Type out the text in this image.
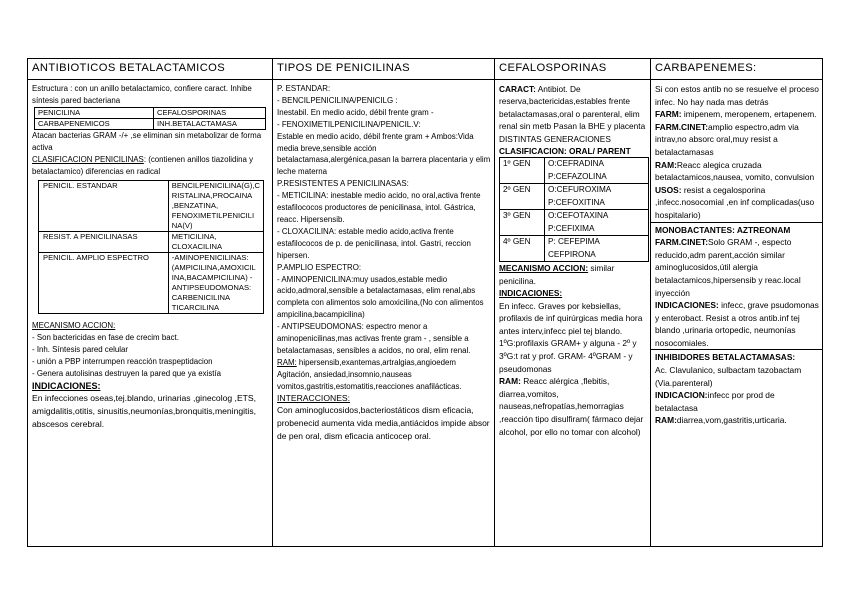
ANTIBIOTICOS BETALACTAMICOS

Estructura : con un anillo betalactamico, confiere caract. Inhibe síntesis pared bacteriana

PENICILINA	CEFALOSPORINAS
CARBAPENEMICOS	INH.BETALACTAMASA

Atacan bacterias GRAM -/+ ,se eliminan sin metabolizar de forma activa

CLASIFICACION PENICILINAS: (contienen anillos tiazolidina y betalactamico) diferencias en radical

PENICIL. ESTANDAR	BENCILPENICILINA(G),C RISTALINA,PROCAINA ,BENZATINA, FENOXIMETILPENICILI NA(V)
RESIST. A PENICILINASAS	METICILINA, CLOXACILINA
PENICIL. AMPLIO ESPECTRO	-AMINOPENICILINAS: (AMPICILINA,AMOXICIL INA,BACAMPICILINA) -ANTIPSEUDOMONAS: CARBENICILINA TICARCILINA

MECANISMO ACCION:

- Son bactericidas en fase de crecim bact.

- Inh. Síntesis pared celular

- unión a PBP interrumpen reacción traspeptidacion

- Genera autolisinas destruyen la pared que ya existía

INDICACIONES:

En infecciones oseas,tej.blando, urinarias ,ginecolog ,ETS, amigdalitis,otitis, sinusitis,neumonías,bronquitis,meningitis, abscesos cerebral.

TIPOS DE PENICILINAS

P. ESTANDAR:

- BENCILPENICILINA/PENICILG :

Inestabil. En medio acido, débil frente gram -

- FENOXIMETILPENICILINA/PENICIL.V:

Estable en medio acido, débil frente gram + Ambos:Vida media breve,sensible acción betalactamasa,alergénica,pasan la barrera placentaria y elim leche materna

P.RESISTENTES A PENICILINASAS:

- METICILINA: inestable medio acido, no oral,activa frente estafilococos productores de penicilinasa, intol. Gástrica, reacc. Hipersensib.

- CLOXACILINA: estable medio acido,activa frente estafilococos de p. de penicilinasa, intol. Gastri, reccion hipersen.

P.AMPLIO ESPECTRO:

- AMINOPENICILINA:muy usados,estable medio acido,admoral,sensible a betalactamasas, elim renal,abs completa con alimentos solo amoxicilina,(No con alimentos ampicilina,bacampicilina)

- ANTIPSEUDOMONAS: espectro menor a aminopenicilinas,mas activas frente gram - , sensible a betalactamasas, sensibles a acidos, no oral, elim renal.

RAM: hipersensib,exantemas,artralgias,angioedem Agitación, ansiedad,insomnio,nauseas vomitos,gastritis,estomatitis,reacciones anafilácticas.

INTERACCIONES:

Con aminoglucosidos,bacteriostáticos dism eficacia, probenecid aumenta vida media,antiácidos impide absor de pen oral, dism eficacia anticocep oral.

CEFALOSPORINAS

CARACT: Antibiot. De reserva,bactericidas,estables frente betalactamasas,oral o parenteral, elim renal sin metb Pasan la BHE y placenta

DISTINTAS GENERACIONES

CLASIFICACION: ORAL/ PARENT

1º GEN	O:CEFRADINA P:CEFAZOLINA
2º GEN	O:CEFUROXIMA P:CEFOXITINA
3º GEN	O:CEFOTAXINA P:CEFIXIMA
4º GEN	P: CEFEPIMA CEFPIRONA

MECANISMO ACCION: similar penicilina.

INDICACIONES:

En infecc. Graves por kebsiellas, profilaxis de inf quirúrgicas media hora antes interv,infecc piel tej blando. 1ºG:profilaxis GRAM+ y alguna - 2º y 3ºG:t rat y prof. GRAM- 4ºGRAM - y pseudomonas

RAM: Reacc alérgica ,flebitis, diarrea,vomitos, nauseas,nefropatías,hemorragias ,reacción tipo disulfiram( fármaco dejar alcohol, por ello no tomar con alcohol)

CARBAPENEMES:

Si con estos antib no se resuelve el proceso infec. No hay nada mas detrás

FARM: imipenem, meropenem, ertapenem.

FARM.CINET:amplio espectro,adm via intrav,no absorc oral,muy resist a betalactamasas

RAM:Reacc alegica cruzada betalactamicos,nausea, vomito, convulsion

USOS: resist a cegalosporina ,infecc.nosocomial ,en inf complicadas(uso hospitalario)

MONOBACTANTES: AZTREONAM

FARM.CINET:Solo GRAM -, especto reducido,adm parent,acción similar aminoglucosidos,útil alergia betalactamicos,hipersensib y reac.local inyección

INDICACIONES: infecc, grave psudomonas y enterobact. Resist a otros antib.inf tej blando ,urinaria ortopedic, neumonías nosocomiales.

INHIBIDORES BETALACTAMASAS:

Ac. Clavulanico, sulbactam tazobactam (Via.parenteral)

INDICACION:infecc por prod de betalactasa

RAM:diarrea,vom,gastritis,urticaria.
